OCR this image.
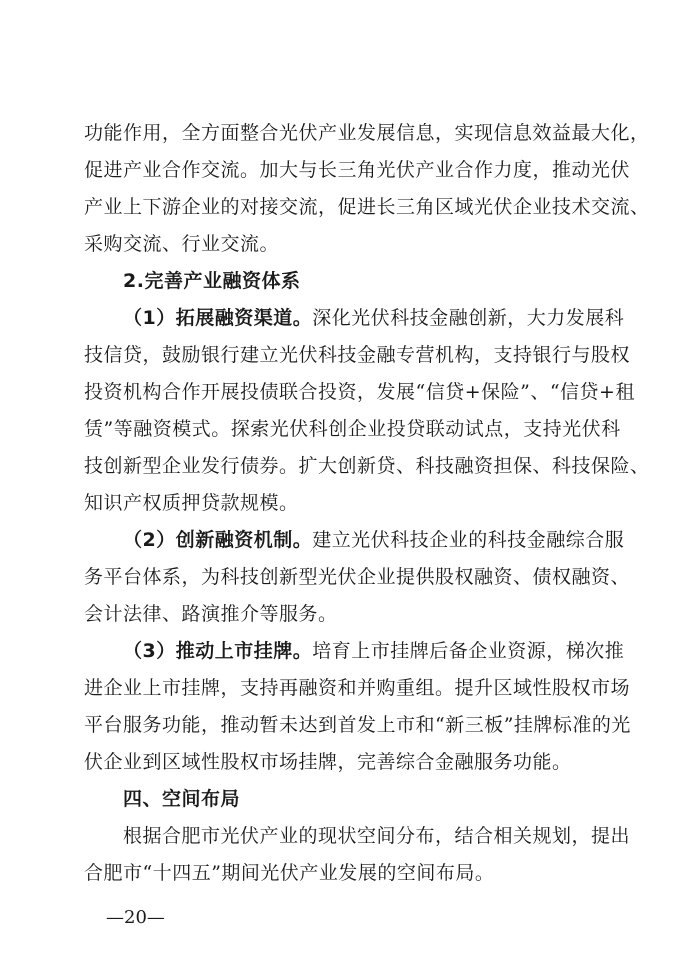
功能作用，全方面整合光伏产业发展信息，实现信息效益最大化，
促进产业合作交流。加大与长三角光伏产业合作力度，推动光伏
产业上下游企业的对接交流，促进长三角区域光伏企业技术交流、
采购交流、行业交流。
2.完善产业融资体系
（1）拓展融资渠道。深化光伏科技金融创新，大力发展科
技信贷，鼓励银行建立光伏科技金融专营机构，支持银行与股权
投资机构合作开展投债联合投资，发展“信贷+保险”、“信贷+租
赁”等融资模式。探索光伏科创企业投贷联动试点，支持光伏科
技创新型企业发行债券。扩大创新贷、科技融资担保、科技保险、
知识产权质押贷款规模。
（2）创新融资机制。建立光伏科技企业的科技金融综合服
务平台体系，为科技创新型光伏企业提供股权融资、债权融资、
会计法律、路演推介等服务。
（3）推动上市挂牌。培育上市挂牌后备企业资源，梯次推
进企业上市挂牌，支持再融资和并购重组。提升区域性股权市场
平台服务功能，推动暂未达到首发上市和“新三板”挂牌标准的光
伏企业到区域性股权市场挂牌，完善综合金融服务功能。
四、空间布局
根据合肥市光伏产业的现状空间分布，结合相关规划，提出
合肥市“十四五”期间光伏产业发展的空间布局。
—20—
